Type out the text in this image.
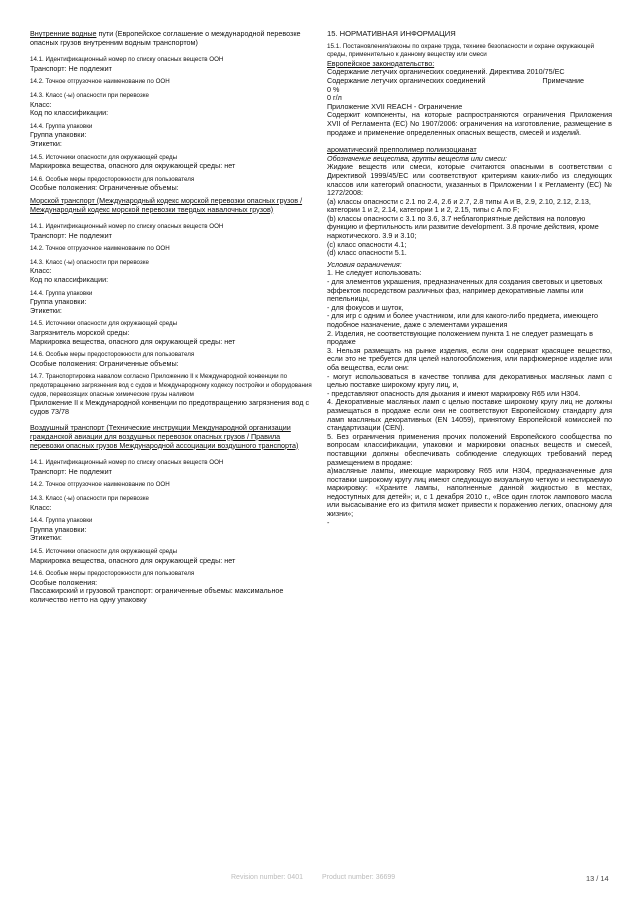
Внутренние водные пути (Европейское соглашение о международной перевозке опасных грузов внутренним водным транспортом)

14.1. Идентификационный номер по списку опасных веществ ООН

Транспорт: Не подлежит

14.2. Точное отгрузочное наименование по ООН

14.3. Класс (-ы) опасности при перевозке

Класс:

Код по классификации:

14.4. Группа упаковки

Группа упаковки:

Этикетки:

14.5. Источники опасности для окружающей среды

Маркировка вещества, опасного для окружающей среды: нет

14.6. Особые меры предосторожности для пользователя

Особые положения: Ограниченные объемы:

Морской транспорт (Международный кодекс морской перевозки опасных грузов / Международный кодекс морской перевозки твердых навалочных грузов)

14.1. Идентификационный номер по списку опасных веществ ООН

Транспорт: Не подлежит

14.2. Точное отгрузочное наименование по ООН

14.3. Класс (-ы) опасности при перевозке

Класс:

Код по классификации:

14.4. Группа упаковки

Группа упаковки:

Этикетки:

14.5. Источники опасности для окружающей среды

Загрязнитель морской среды:

Маркировка вещества, опасного для окружающей среды: нет

14.6. Особые меры предосторожности для пользователя

Особые положения: Ограниченные объемы:

14.7. Транспортировка навалом согласно Приложению II к Международной конвенции по предотвращению загрязнения вод с судов и Международному кодексу постройки и оборудования судов, перевозящих опасные химические грузы наливом

Приложение II к Международной конвенции по предотвращению загрязнения вод с судов 73/78

Воздушный транспорт (Технические инструкции Международной организации гражданской авиации для воздушных перевозок опасных грузов / Правила перевозки опасных грузов Международной ассоциации воздушного транспорта)

14.1. Идентификационный номер по списку опасных веществ ООН

Транспорт: Не подлежит

14.2. Точное отгрузочное наименование по ООН

14.3. Класс (-ы) опасности при перевозке

Класс:

14.4. Группа упаковки

Группа упаковки:

Этикетки:

14.5. Источники опасности для окружающей среды

Маркировка вещества, опасного для окружающей среды: нет

14.6. Особые меры предосторожности для пользователя

Особые положения:

Пассажирский и грузовой транспорт: ограниченные объемы: максимальное количество нетто на одну упаковку

15. НОРМАТИВНАЯ ИНФОРМАЦИЯ

15.1. Постановления/законы по охране труда, технике безопасности и охране окружающей среды, применительно к данному веществу или смеси

Европейское законодательство:

Содержание летучих органических соединений. Директива 2010/75/ЕС

Содержание летучих органических соединений	Примечание

0 %

0 г/л

Приложение XVII REACH - Ограничение

Содержит компоненты, на которые распространяются ограничения Приложения XVII of Регламента (ЕС) No 1907/2006: ограничения на изготовление, размещение в продаже и применение определенных опасных веществ, смесей и изделий.

ароматический препполимер полиизоцианат

Обозначение вещества, группы веществ или смеси:

Жидкие веществ или смеси, которые считаются опасными в соответствии с Директивой 1999/45/ЕС или соответствуют критериям каких-либо из следующих классов или категорий опасности, указанных в Приложении I к Регламенту (ЕС) № 1272/2008:

(а) классы опасности с 2.1 по 2.4, 2.6 и 2.7, 2.8 типы A и B, 2.9, 2.10, 2.12, 2.13, категории 1 и 2, 2.14, категории 1 и 2, 2.15, типы с A по F;

(b) классы опасности с 3.1 по 3.6, 3.7 неблагоприятные действия на половую функцию и фертильность или развитие development. 3.8 прочие действия, кроме наркотического. 3.9 и 3.10;

(c) класс опасности 4.1;

(d) класс опасности 5.1.

Условия ограничения:

1. Не следует использовать:

- для элементов украшения, предназначенных для создания световых и цветовых эффектов посредством различных фаз, например декоративные лампы или пепельницы,

- для фокусов и шуток,

- для игр с одним и более участником, или для какого-либо предмета, имеющего подобное назначение, даже с элементами украшения

2. Изделия, не соответствующие положением пункта 1 не следует размещать в продаже

3. Нельзя размещать на рынке изделия, если они содержат красящее вещество, если это не требуется для целей налогообложения, или парфюмерное изделие или оба вещества, если они:

- могут использоваться в качестве топлива для декоративных масляных ламп с целью поставке широкому кругу лиц, и,

- представляют опасность для дыхания и имеют маркировку R65 или Н304.

4. Декоративные масляных ламп с целью поставке широкому кругу лиц не должны размещаться в продаже если они не соответствуют Европейскому стандарту для ламп масляных декоративных (EN 14059), принятому Европейской комиссией по стандартизации (CEN).

5. Без ограничения применения прочих положений Европейского сообщества по вопросам классификации, упаковки и маркировки опасных веществ и смесей, поставщики должны обеспечивать соблюдение следующих требований перед размещением в продаже:

а)масляные лампы, имеющие маркировку R65 или Н304, предназначенные для поставки широкому кругу лиц имеют следующую визуальную четкую и нестираемую маркировку: «Храните лампы, наполненные данной жидкостью в местах, недоступных для детей»; и, с 1 декабря 2010 г., «Все один глоток лампового масла или высасывание его из фитиля может привести к поражению легких, опасному для жизни»;

-

Revision number: 0401	Product number: 36699	13 / 14
